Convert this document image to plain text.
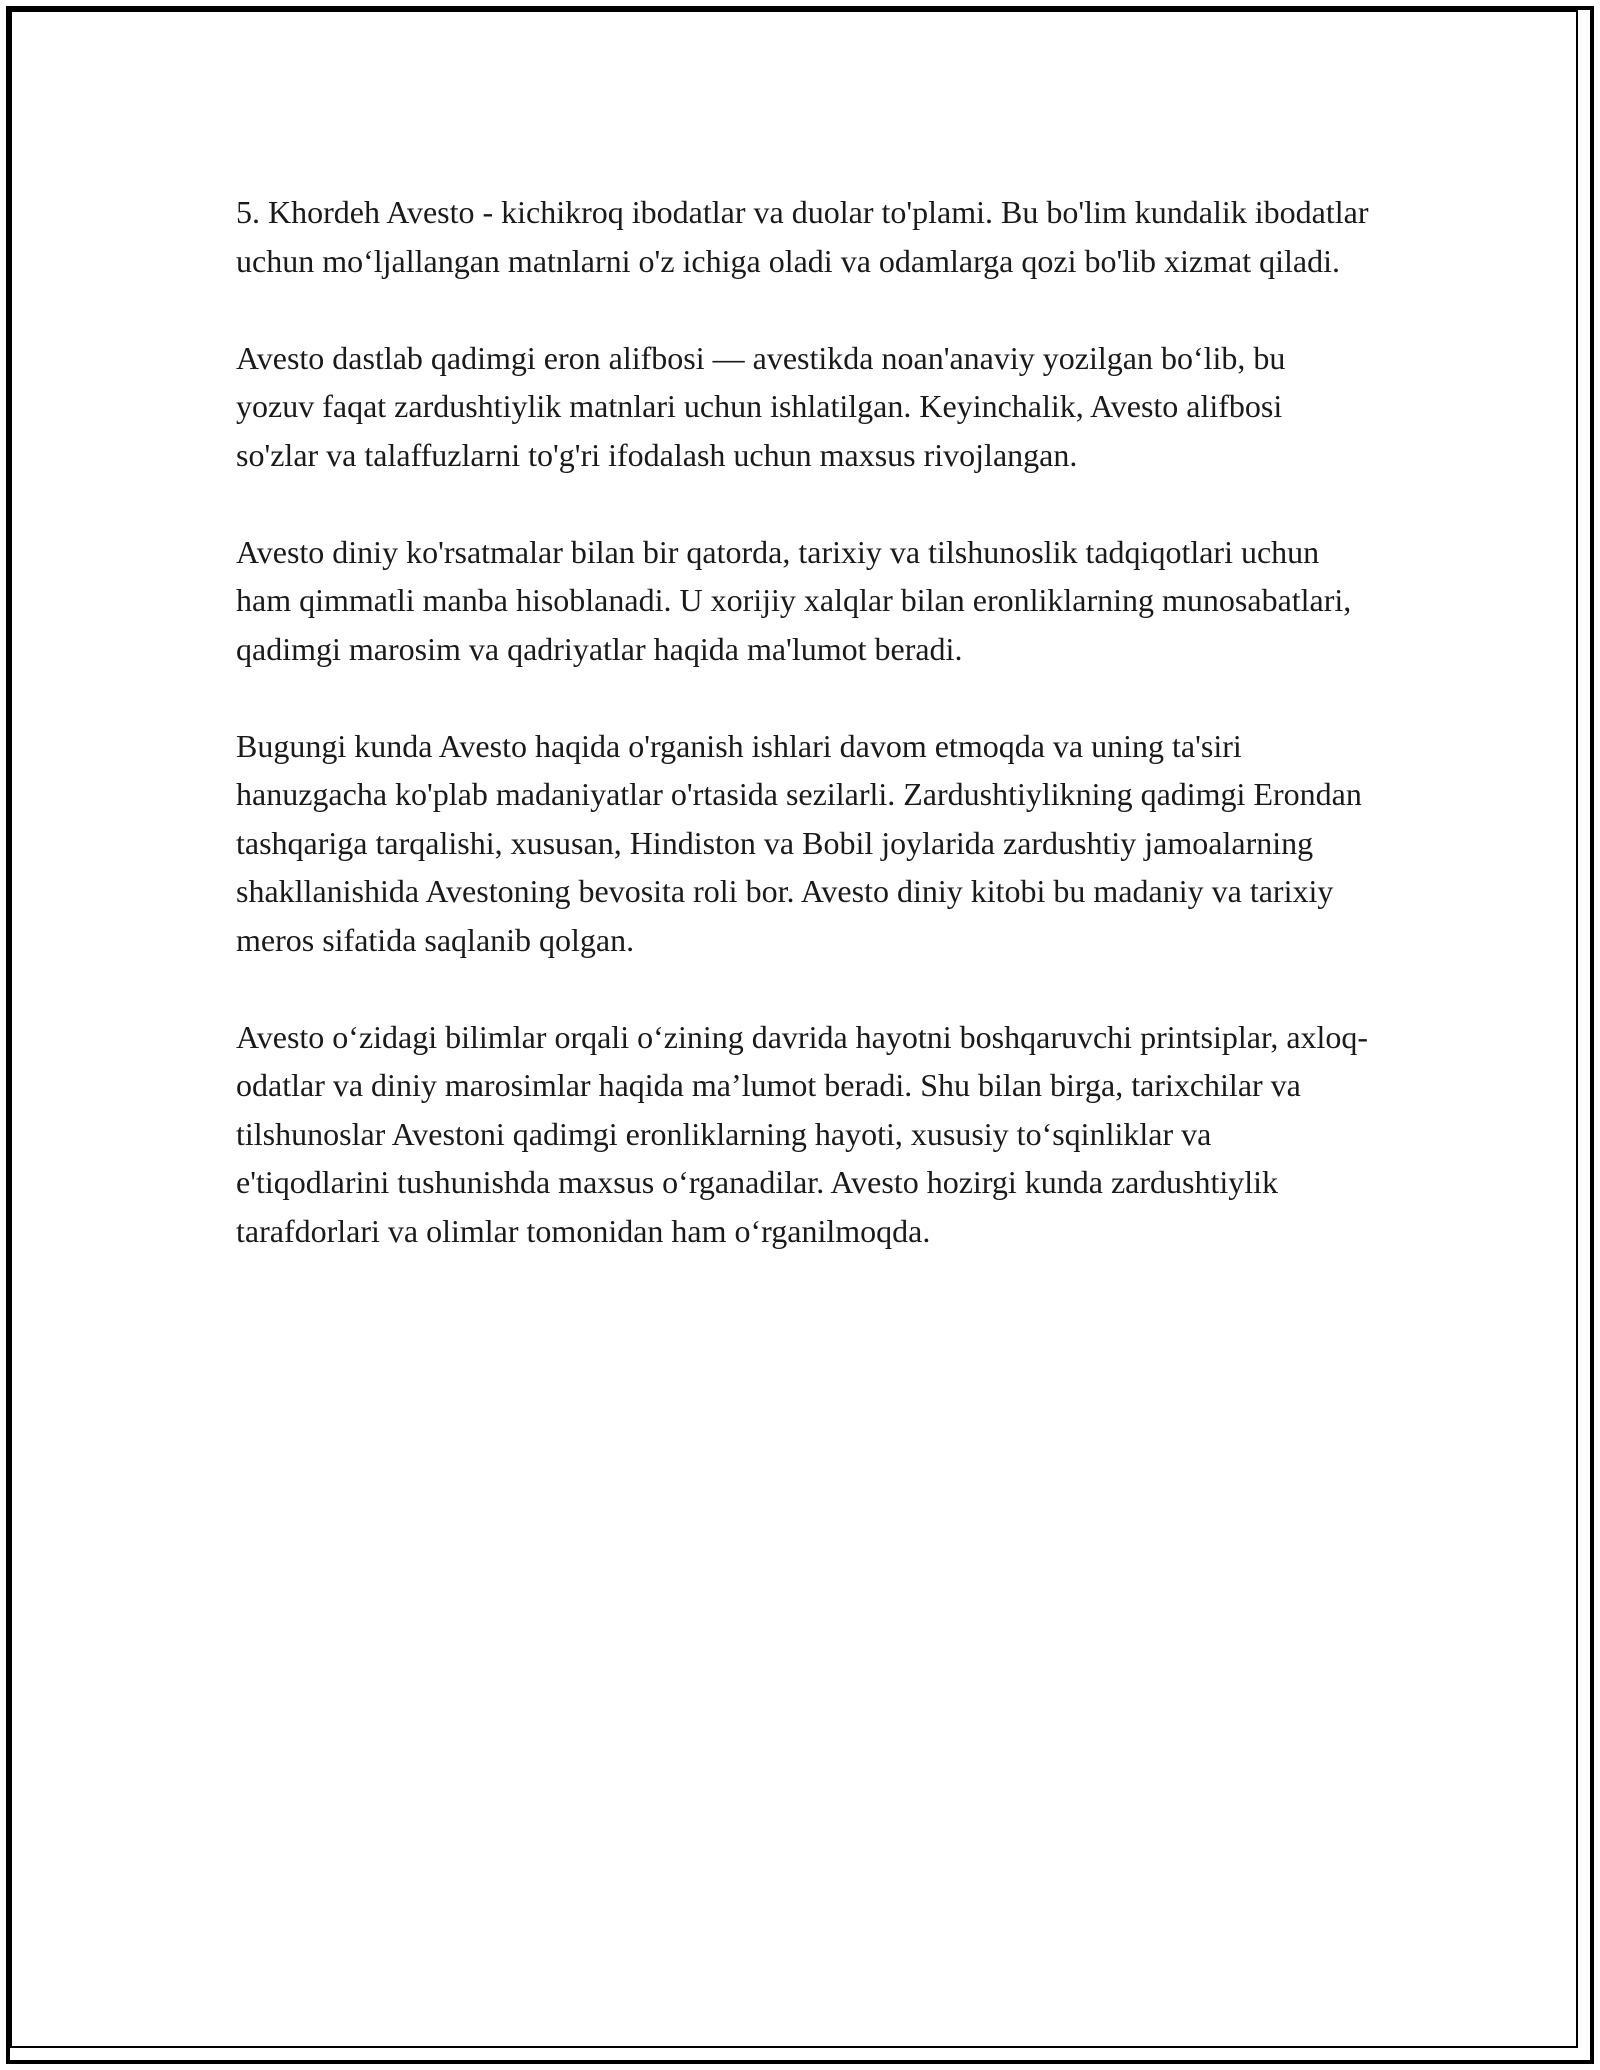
5. Khordeh Avesto - kichikroq ibodatlar va duolar to'plami. Bu bo'lim kundalik ibodatlar uchun mo‘ljallangan matnlarni o'z ichiga oladi va odamlarga qozi bo'lib xizmat qiladi.

Avesto dastlab qadimgi eron alifbosi — avestikda noan'anaviy yozilgan bo‘lib, bu yozuv faqat zardushtiylik matnlari uchun ishlatilgan. Keyinchalik, Avesto alifbosi so'zlar va talaffuzlarni to'g'ri ifodalash uchun maxsus rivojlangan.

Avesto diniy ko'rsatmalar bilan bir qatorda, tarixiy va tilshunoslik tadqiqotlari uchun ham qimmatli manba hisoblanadi. U xorijiy xalqlar bilan eronliklarning munosabatlari, qadimgi marosim va qadriyatlar haqida ma'lumot beradi.

Bugungi kunda Avesto haqida o'rganish ishlari davom etmoqda va uning ta'siri hanuzgacha ko'plab madaniyatlar o'rtasida sezilarli. Zardushtiylikning qadimgi Erondan tashqariga tarqalishi, xususan, Hindiston va Bobil joylarida zardushtiy jamoalarning shakllanishida Avestoning bevosita roli bor. Avesto diniy kitobi bu madaniy va tarixiy meros sifatida saqlanib qolgan.

Avesto o‘zidagi bilimlar orqali o‘zining davrida hayotni boshqaruvchi printsiplar, axloq-odatlar va diniy marosimlar haqida ma’lumot beradi. Shu bilan birga, tarixchilar va tilshunoslar Avestoni qadimgi eronliklarning hayoti, xususiy to‘sqinliklar va e'tiqodlarini tushunishda maxsus o‘rganadilar. Avesto hozirgi kunda zardushtiylik tarafdorlari va olimlar tomonidan ham o‘rganilmoqda.
